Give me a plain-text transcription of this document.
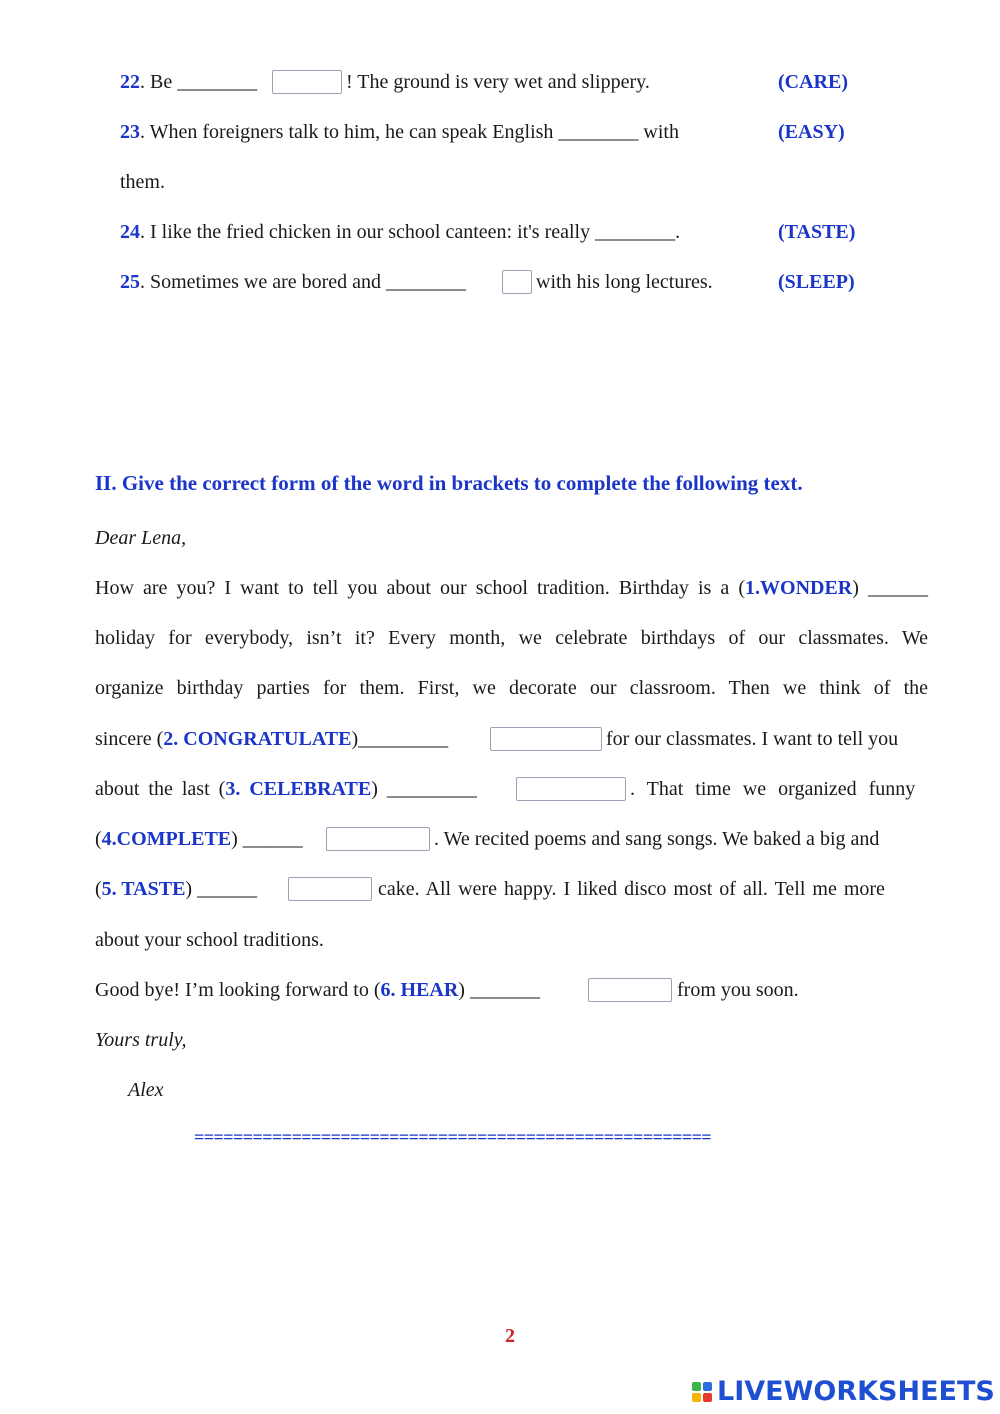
22. Be ________	! The ground is very wet and slippery.	(CARE)
23. When foreigners talk to him, he can speak English ________ with	(EASY)
them.
24. I like the fried chicken in our school canteen: it's really ________.	(TASTE)
25. Sometimes we are bored and ________	with his long lectures.	(SLEEP)
II. Give the correct form of the word in brackets to complete the following text.
Dear Lena,
How are you? I want to tell you about our school tradition. Birthday is a (1.WONDER) ______
holiday for everybody, isn’t it? Every month, we celebrate birthdays of our classmates. We
organize birthday parties for them. First, we decorate our classroom. Then we think of the
sincere (2. CONGRATULATE)_________	for our classmates. I want to tell you
about the last (3. CELEBRATE) _________	. That time we organized funny
(4.COMPLETE) ______	. We recited poems and sang songs. We baked a big and
(5. TASTE) ______	cake. All were happy. I liked disco most of all. Tell me more
about your school traditions.
Good bye! I’m looking forward to (6. HEAR) _______	from you soon.
Yours truly,
Alex
=====================================================
2
LIVEWORKSHEETS
